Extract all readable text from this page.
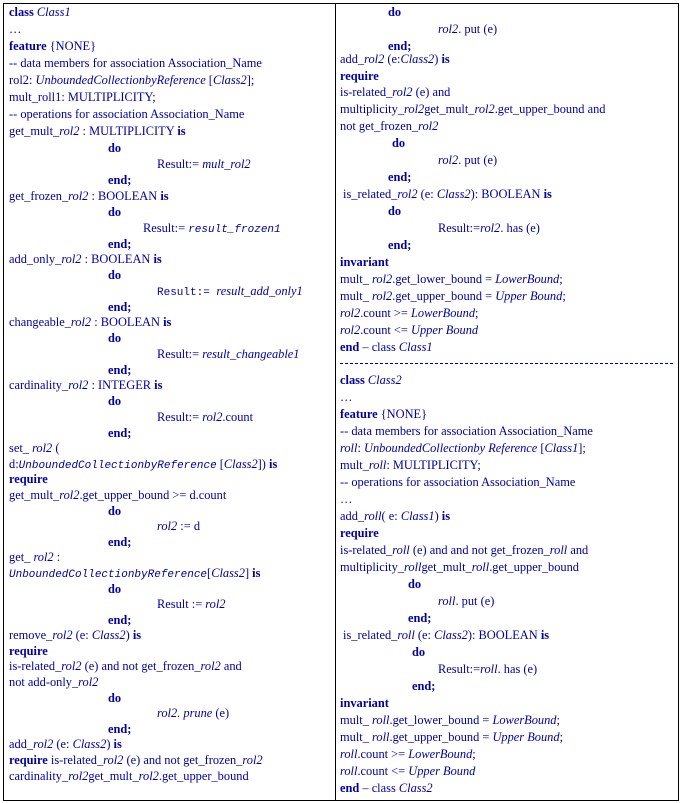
class Class1
…
feature {NONE}
-- data members for association Association_Name
rol2: UnboundedCollectionbyReference [Class2];
mult_roll1: MULTIPLICITY;
-- operations for association Association_Name
get_mult_rol2 : MULTIPLICITY is
do
Result:= mult_rol2
end;
get_frozen_rol2 : BOOLEAN is
do
Result:= result_frozen1
end;
add_only_rol2 : BOOLEAN is
do
Result:= result_add_only1
end;
changeable_rol2 : BOOLEAN is
do
Result:= result_changeable1
end;
cardinality_rol2 : INTEGER is
do
Result:= rol2.count
end;
set_ rol2 (
d:UnboundedCollectionbyReference [Class2]) is
require
get_mult_rol2.get_upper_bound >= d.count
do
rol2 := d
end;
get_ rol2 :
UnboundedCollectionbyReference[Class2] is
do
Result := rol2
end;
remove_rol2 (e: Class2) is
require
is-related_rol2 (e) and not get_frozen_rol2 and
not add-only_rol2
do
rol2. prune (e)
end;
add_rol2 (e: Class2) is
require is-related_rol2 (e) and not get_frozen_rol2
cardinality_rol2get_mult_rol2.get_upper_bound
do
rol2. put (e)
end;
add_rol2 (e:Class2) is
require
is-related_rol2 (e) and
multiplicity_rol2get_mult_rol2.get_upper_bound and
not get_frozen_rol2
do
rol2. put (e)
end;
is_related_rol2 (e: Class2): BOOLEAN is
do
Result:=rol2. has (e)
end;
invariant
mult_ rol2.get_lower_bound = LowerBound;
mult_ rol2.get_upper_bound = Upper Bound;
rol2.count >= LowerBound;
rol2.count <= Upper Bound
end – class Class1
class Class2
…
feature {NONE}
-- data members for association Association_Name
roll: UnboundedCollectionby Reference [Class1];
mult_roll: MULTIPLICITY;
-- operations for association Association_Name
…
add_roll( e: Class1) is
require
is-related_roll (e) and and not get_frozen_roll and
multiplicity_rollget_mult_roll.get_upper_bound
do
roll. put (e)
end;
is_related_roll (e: Class2): BOOLEAN is
do
Result:=roll. has (e)
end;
invariant
mult_ roll.get_lower_bound = LowerBound;
mult_ roll.get_upper_bound = Upper Bound;
roll.count >= LowerBound;
roll.count <= Upper Bound
end – class Class2
